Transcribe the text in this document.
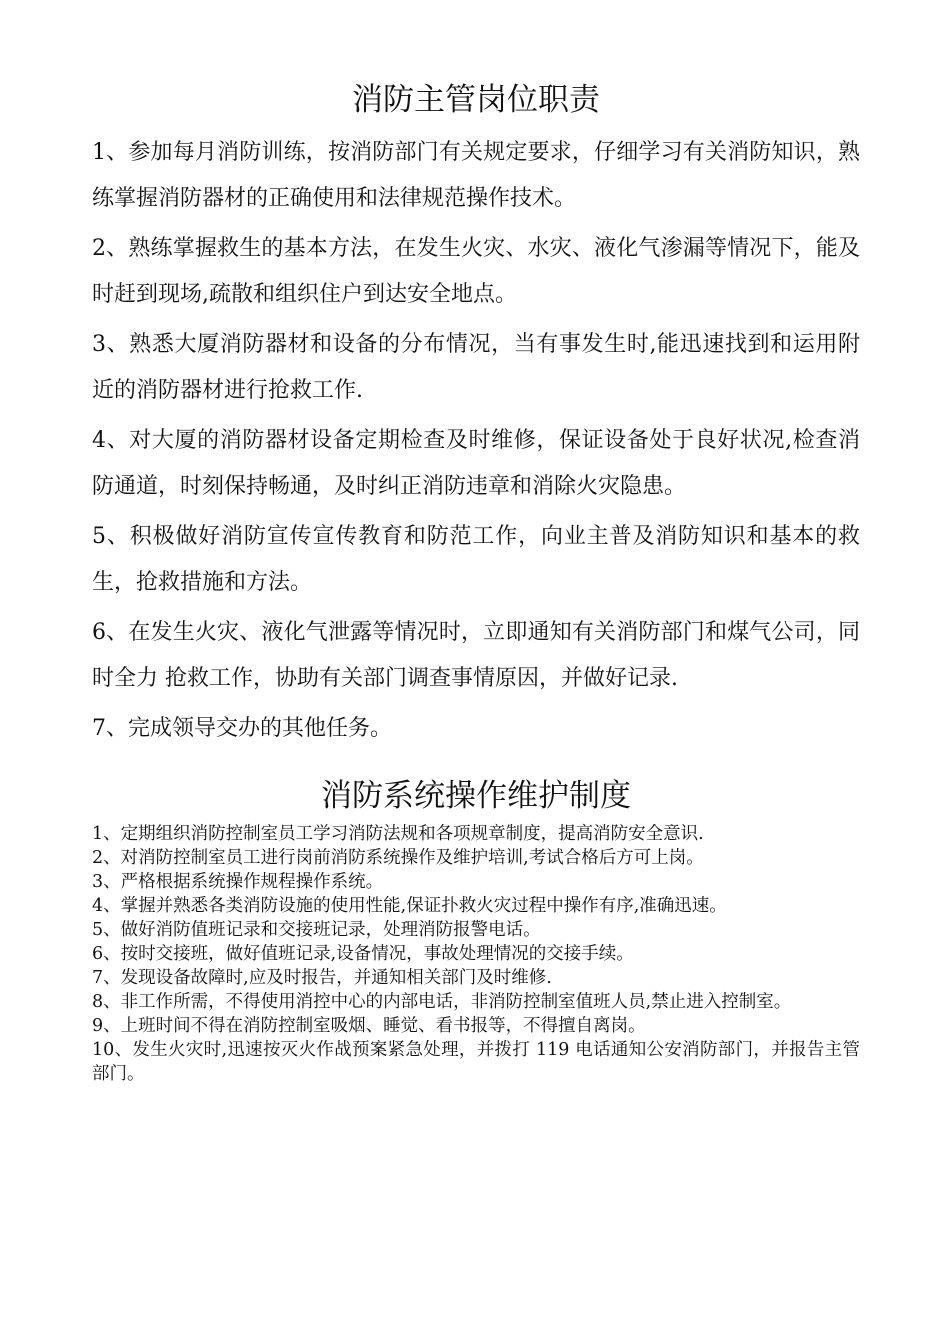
消防主管岗位职责

1、参加每月消防训练，按消防部门有关规定要求，仔细学习有关消防知识，熟练掌握消防器材的正确使用和法律规范操作技术。

2、熟练掌握救生的基本方法，在发生火灾、水灾、液化气渗漏等情况下，能及时赶到现场,疏散和组织住户到达安全地点。

3、熟悉大厦消防器材和设备的分布情况，当有事发生时,能迅速找到和运用附近的消防器材进行抢救工作.

4、对大厦的消防器材设备定期检查及时维修，保证设备处于良好状况,检查消防通道，时刻保持畅通，及时纠正消防违章和消除火灾隐患。

5、积极做好消防宣传宣传教育和防范工作，向业主普及消防知识和基本的救生，抢救措施和方法。

6、在发生火灾、液化气泄露等情况时，立即通知有关消防部门和煤气公司，同时全力 抢救工作，协助有关部门调查事情原因，并做好记录.

7、完成领导交办的其他任务。

消防系统操作维护制度

1、定期组织消防控制室员工学习消防法规和各项规章制度，提高消防安全意识.

2、对消防控制室员工进行岗前消防系统操作及维护培训,考试合格后方可上岗。

3、严格根据系统操作规程操作系统。

4、掌握并熟悉各类消防设施的使用性能,保证扑救火灾过程中操作有序,准确迅速。

5、做好消防值班记录和交接班记录，处理消防报警电话。

6、按时交接班，做好值班记录,设备情况，事故处理情况的交接手续。

7、发现设备故障时,应及时报告，并通知相关部门及时维修.

8、非工作所需，不得使用消控中心的内部电话，非消防控制室值班人员,禁止进入控制室。

9、上班时间不得在消防控制室吸烟、睡觉、看书报等，不得擅自离岗。

10、发生火灾时,迅速按灭火作战预案紧急处理，并拨打 119 电话通知公安消防部门，并报告主管部门。
